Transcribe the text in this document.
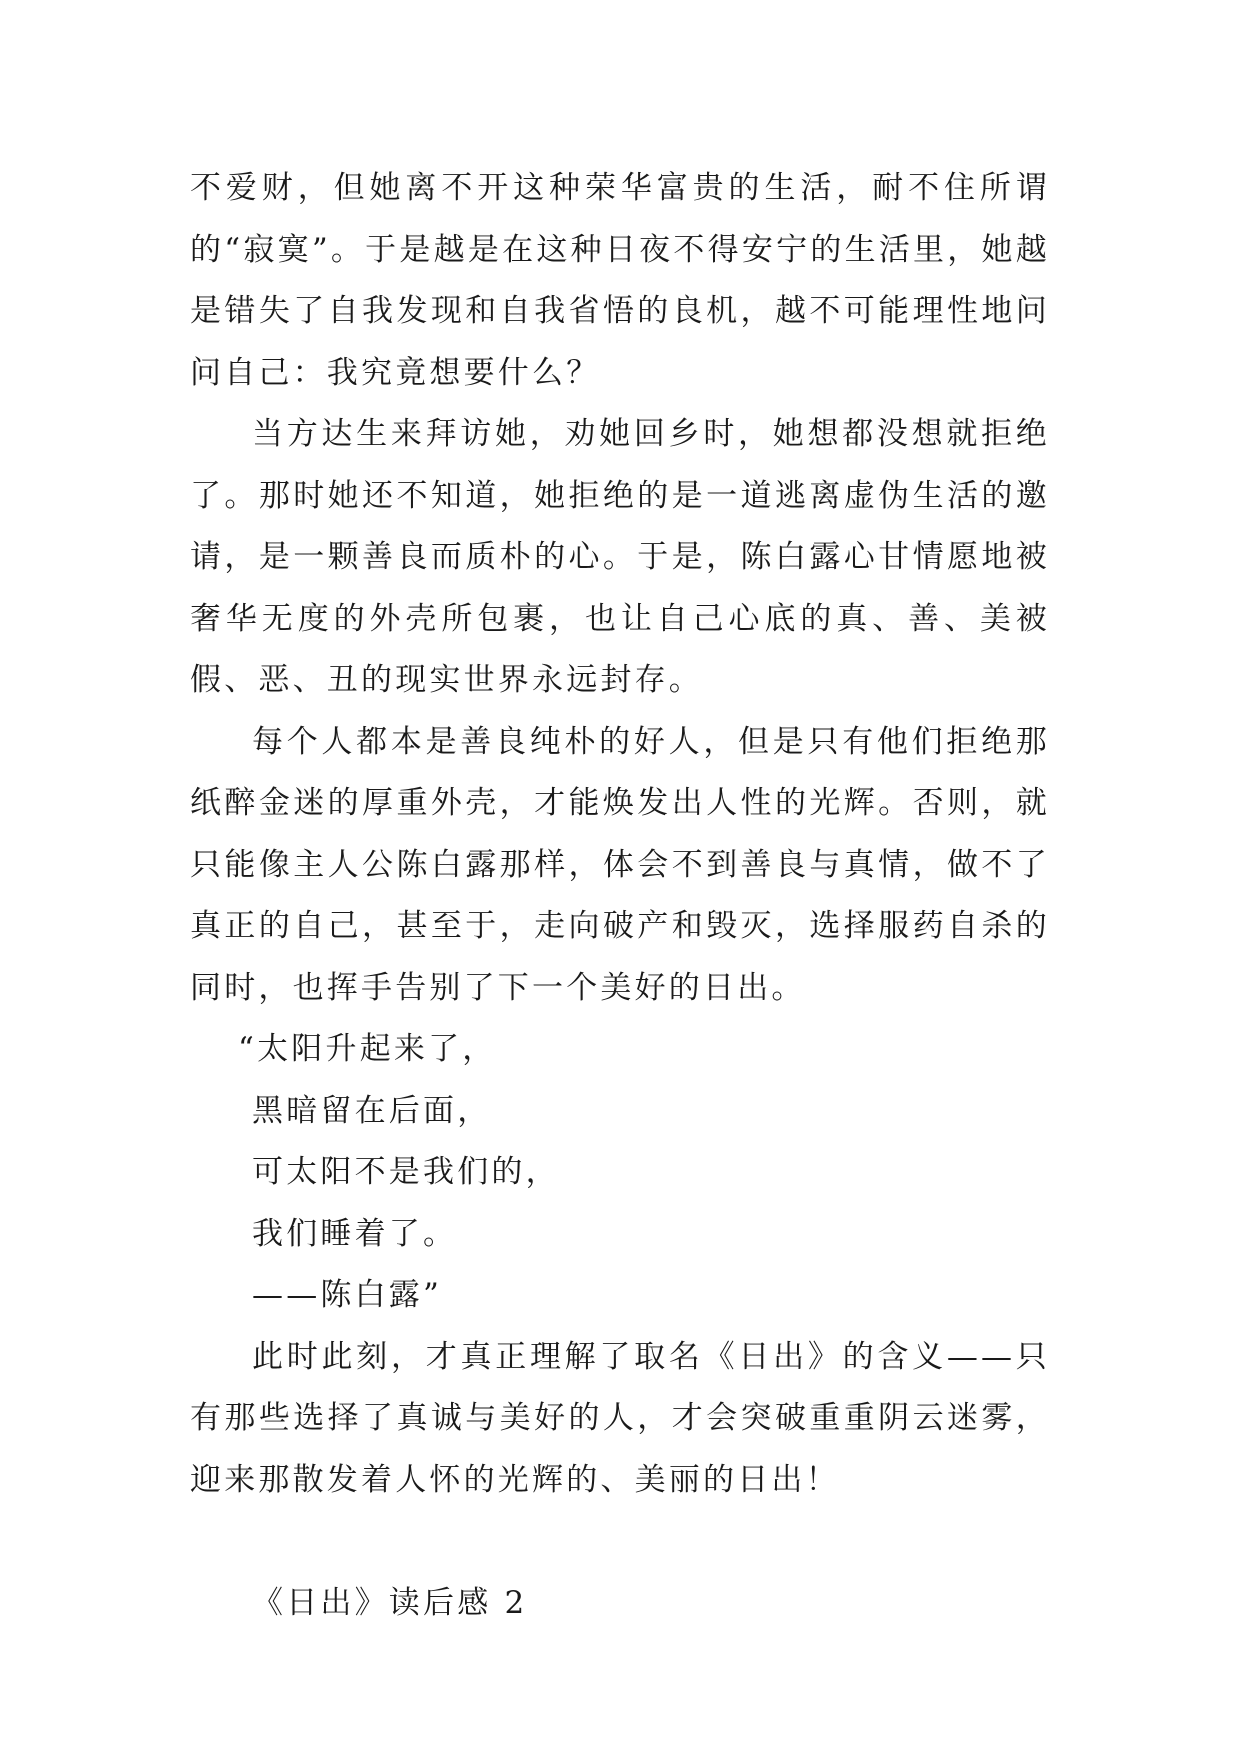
不爱财，但她离不开这种荣华富贵的生活，耐不住所谓的“寂寞”。于是越是在这种日夜不得安宁的生活里，她越是错失了自我发现和自我省悟的良机，越不可能理性地问问自己：我究竟想要什么？

当方达生来拜访她，劝她回乡时，她想都没想就拒绝了。那时她还不知道，她拒绝的是一道逃离虚伪生活的邀请，是一颗善良而质朴的心。于是，陈白露心甘情愿地被奢华无度的外壳所包裹，也让自己心底的真、善、美被假、恶、丑的现实世界永远封存。

每个人都本是善良纯朴的好人，但是只有他们拒绝那纸醉金迷的厚重外壳，才能焕发出人性的光辉。否则，就只能像主人公陈白露那样，体会不到善良与真情，做不了真正的自己，甚至于，走向破产和毁灭，选择服药自杀的同时，也挥手告别了下一个美好的日出。

“太阳升起来了，
黑暗留在后面，
可太阳不是我们的，
我们睡着了。
——陈白露”

此时此刻，才真正理解了取名《日出》的含义——只有那些选择了真诚与美好的人，才会突破重重阴云迷雾，迎来那散发着人怀的光辉的、美丽的日出！

《日出》读后感 2
